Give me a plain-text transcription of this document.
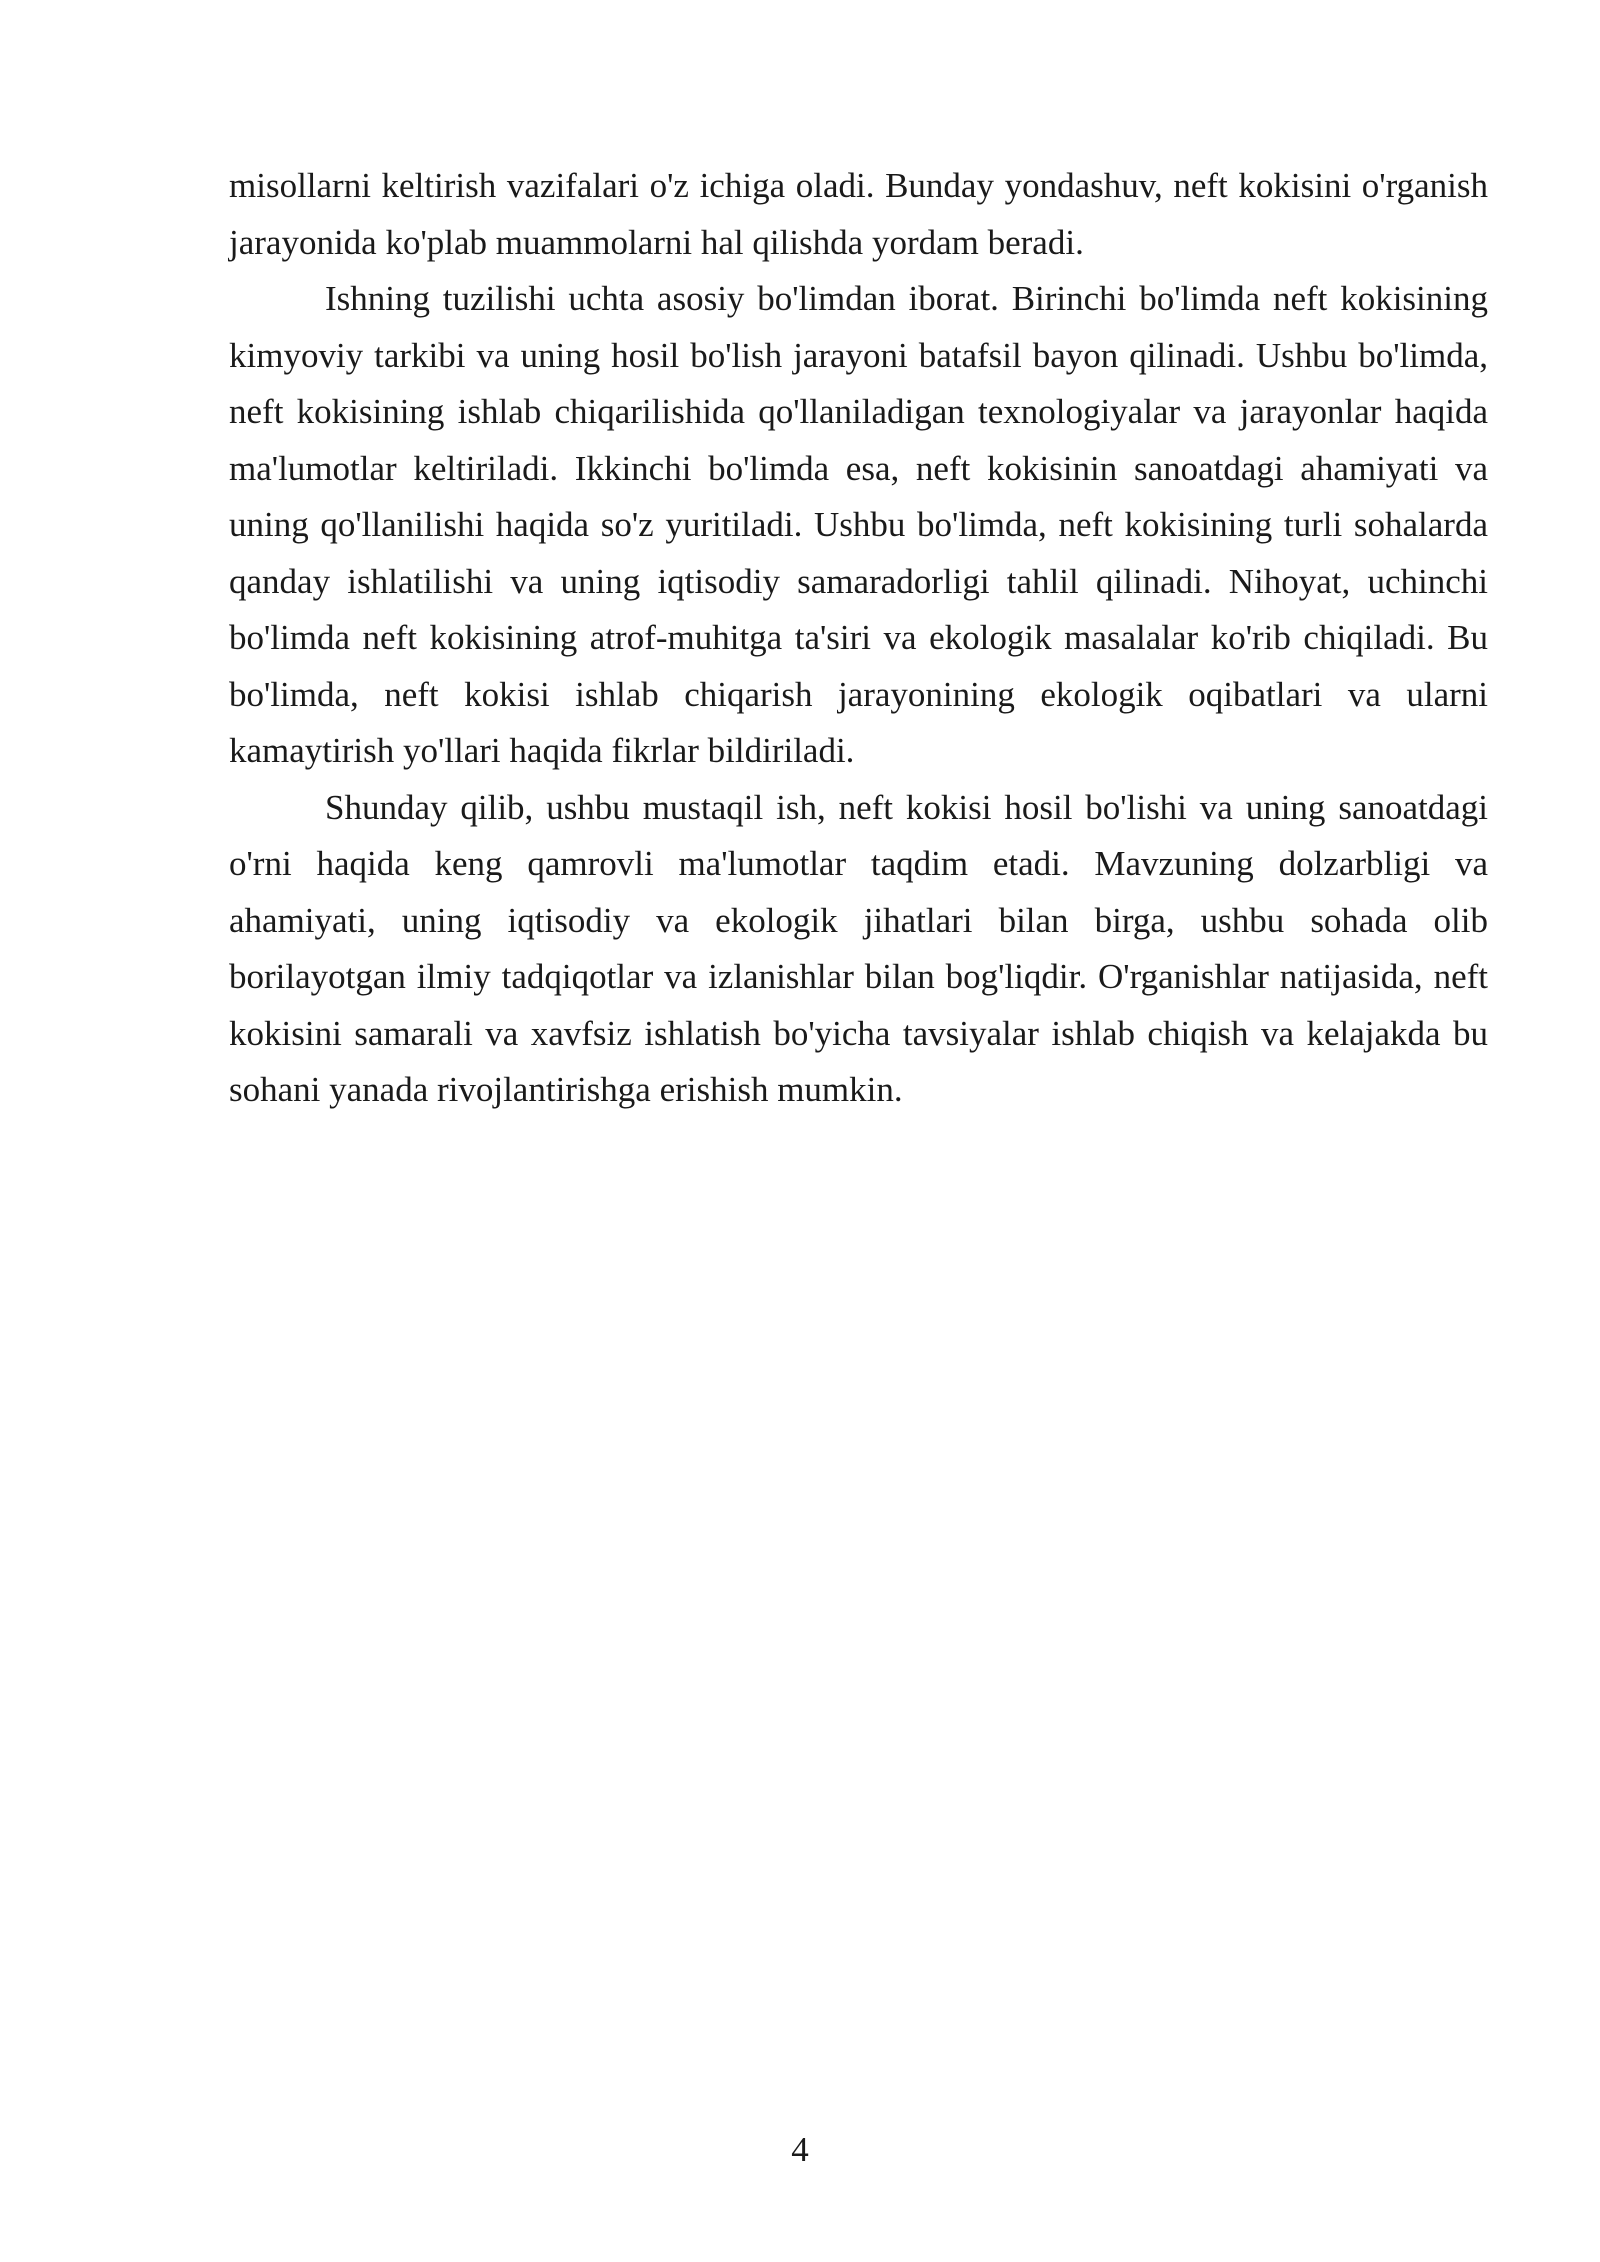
misollarni keltirish vazifalari o'z ichiga oladi. Bunday yondashuv, neft kokisini o'rganish jarayonida ko'plab muammolarni hal qilishda yordam beradi.

Ishning tuzilishi uchta asosiy bo'limdan iborat. Birinchi bo'limda neft kokisining kimyoviy tarkibi va uning hosil bo'lish jarayoni batafsil bayon qilinadi. Ushbu bo'limda, neft kokisining ishlab chiqarilishida qo'llaniladigan texnologiyalar va jarayonlar haqida ma'lumotlar keltiriladi. Ikkinchi bo'limda esa, neft kokisinin sanoatdagi ahamiyati va uning qo'llanilishi haqida so'z yuritiladi. Ushbu bo'limda, neft kokisining turli sohalarda qanday ishlatilishi va uning iqtisodiy samaradorligi tahlil qilinadi. Nihoyat, uchinchi bo'limda neft kokisining atrof-muhitga ta'siri va ekologik masalalar ko'rib chiqiladi. Bu bo'limda, neft kokisi ishlab chiqarish jarayonining ekologik oqibatlari va ularni kamaytirish yo'llari haqida fikrlar bildiriladi.

Shunday qilib, ushbu mustaqil ish, neft kokisi hosil bo'lishi va uning sanoatdagi o'rni haqida keng qamrovli ma'lumotlar taqdim etadi. Mavzuning dolzarbligi va ahamiyati, uning iqtisodiy va ekologik jihatlari bilan birga, ushbu sohada olib borilayotgan ilmiy tadqiqotlar va izlanishlar bilan bog'liqdir. O'rganishlar natijasida, neft kokisini samarali va xavfsiz ishlatish bo'yicha tavsiyalar ishlab chiqish va kelajakda bu sohani yanada rivojlantirishga erishish mumkin.

4
